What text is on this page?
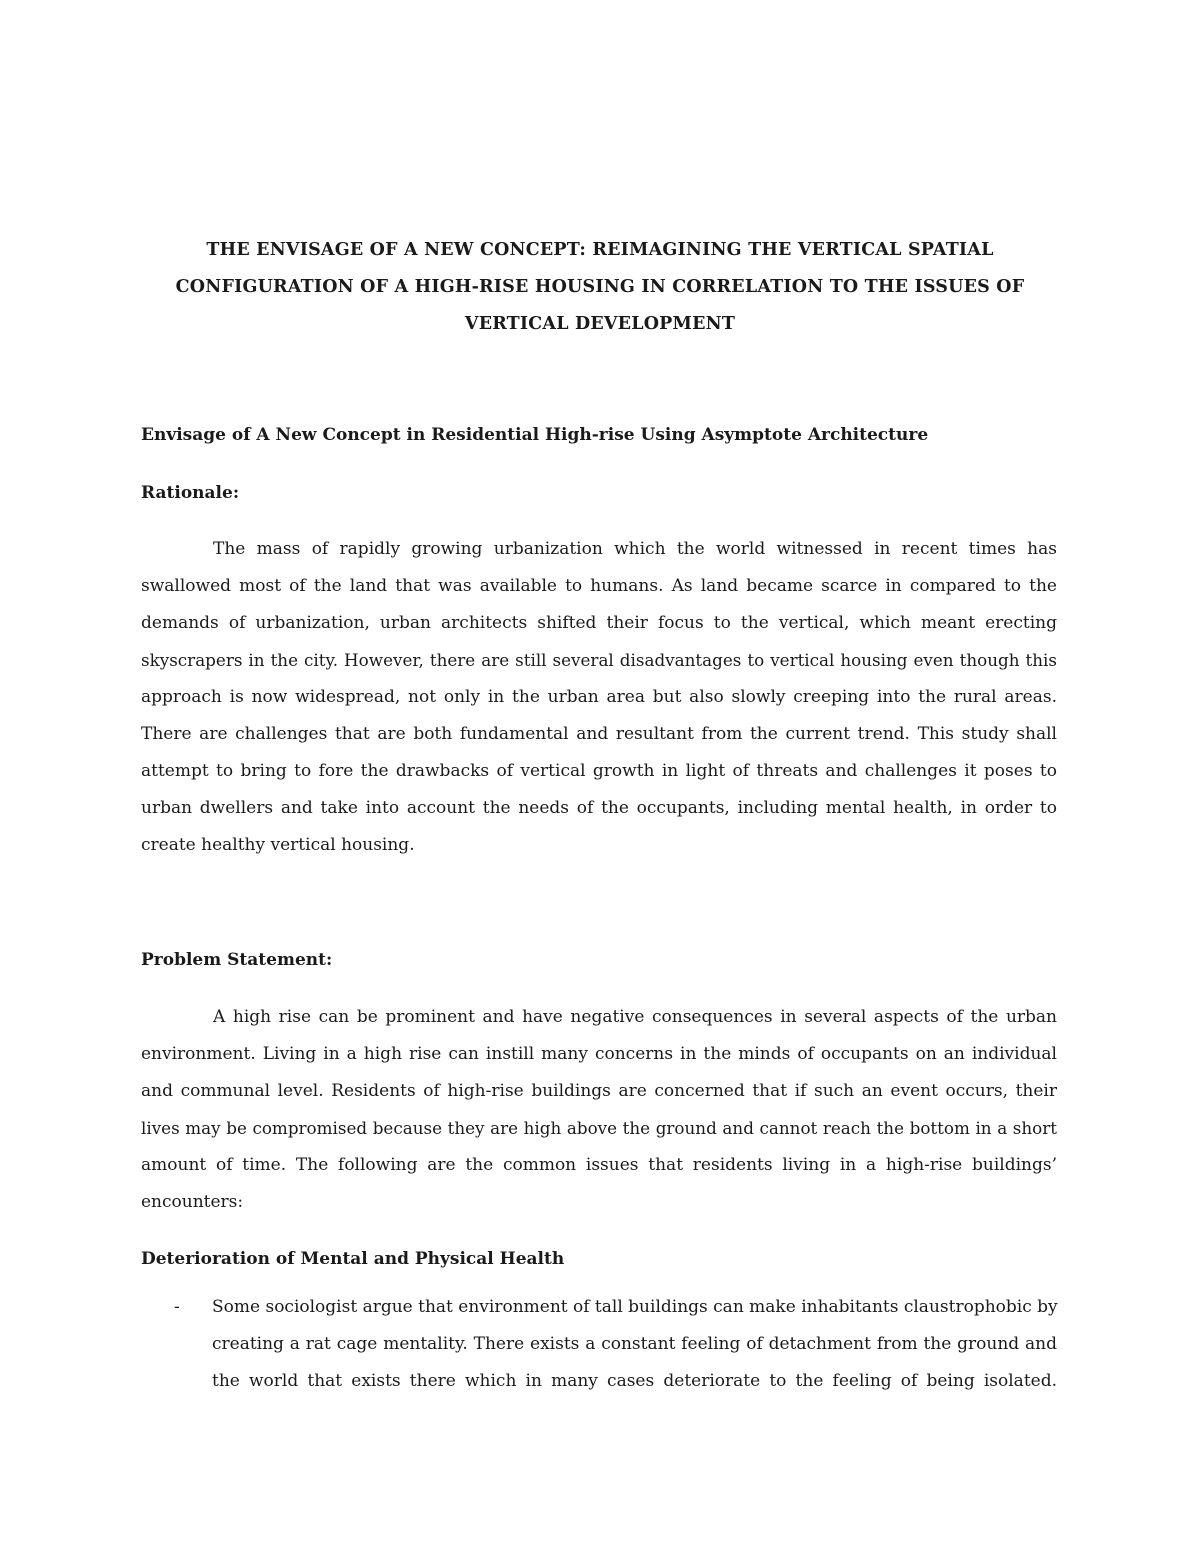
THE ENVISAGE OF A NEW CONCEPT: REIMAGINING THE VERTICAL SPATIAL
CONFIGURATION OF A HIGH-RISE HOUSING IN CORRELATION TO THE ISSUES OF
VERTICAL DEVELOPMENT
Envisage of A New Concept in Residential High-rise Using Asymptote Architecture
Rationale:
The mass of rapidly growing urbanization which the world witnessed in recent times has
swallowed most of the land that was available to humans. As land became scarce in compared to the
demands of urbanization, urban architects shifted their focus to the vertical, which meant erecting
skyscrapers in the city. However, there are still several disadvantages to vertical housing even though this
approach is now widespread, not only in the urban area but also slowly creeping into the rural areas.
There are challenges that are both fundamental and resultant from the current trend. This study shall
attempt to bring to fore the drawbacks of vertical growth in light of threats and challenges it poses to
urban dwellers and take into account the needs of the occupants, including mental health, in order to
create healthy vertical housing.
Problem Statement:
A high rise can be prominent and have negative consequences in several aspects of the urban
environment. Living in a high rise can instill many concerns in the minds of occupants on an individual
and communal level. Residents of high-rise buildings are concerned that if such an event occurs, their
lives may be compromised because they are high above the ground and cannot reach the bottom in a short
amount of time. The following are the common issues that residents living in a high-rise buildings’
encounters:
Deterioration of Mental and Physical Health
- Some sociologist argue that environment of tall buildings can make inhabitants claustrophobic by
creating a rat cage mentality. There exists a constant feeling of detachment from the ground and
the world that exists there which in many cases deteriorate to the feeling of being isolated.
